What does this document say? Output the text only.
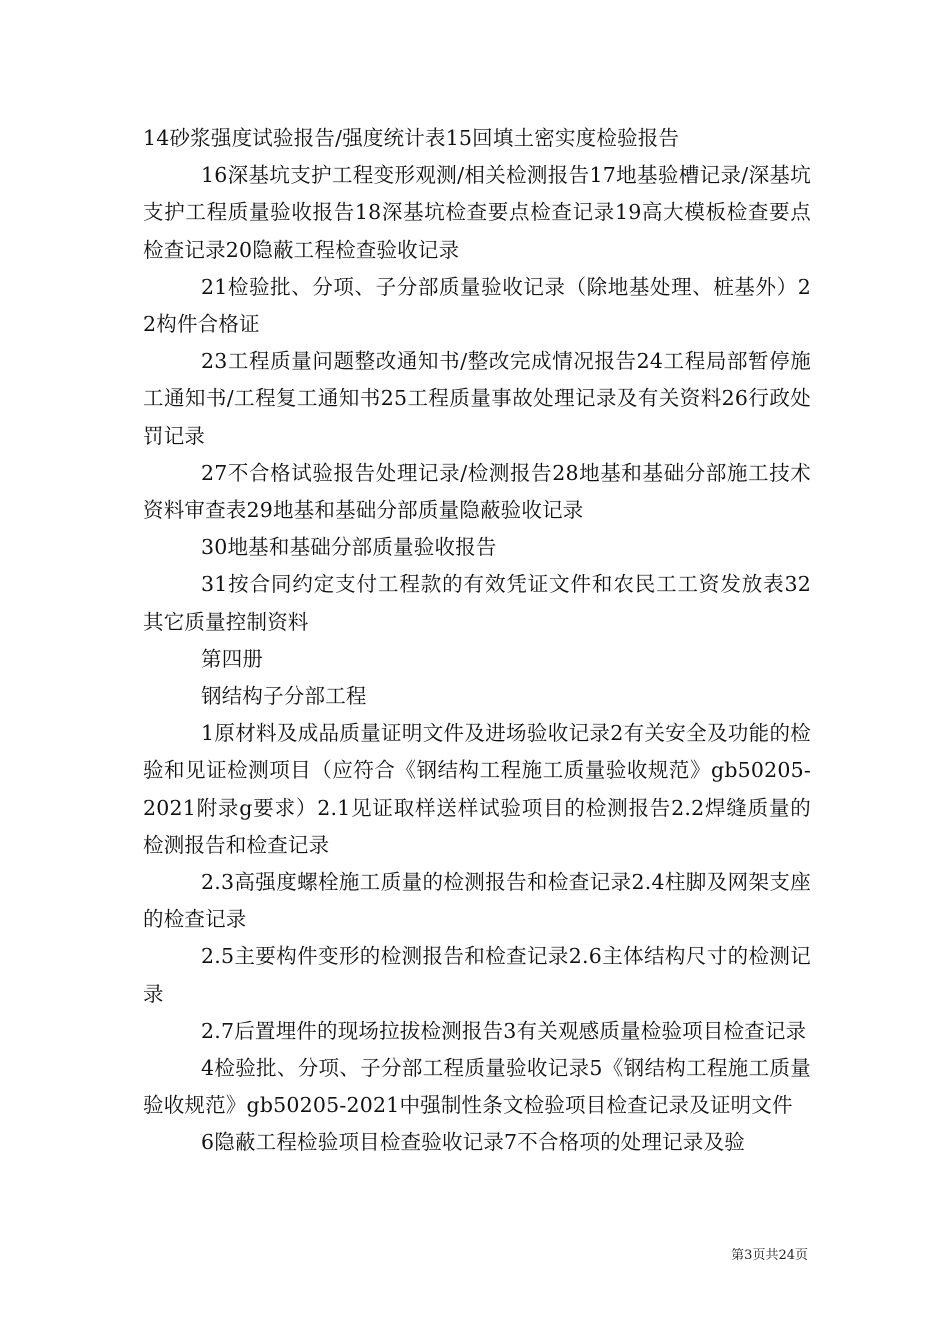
14砂浆强度试验报告/强度统计表15回填土密实度检验报告

16深基坑支护工程变形观测/相关检测报告17地基验槽记录/深基坑支护工程质量验收报告18深基坑检查要点检查记录19高大模板检查要点检查记录20隐蔽工程检查验收记录

21检验批、分项、子分部质量验收记录（除地基处理、桩基外）22构件合格证

23工程质量问题整改通知书/整改完成情况报告24工程局部暂停施工通知书/工程复工通知书25工程质量事故处理记录及有关资料26行政处罚记录

27不合格试验报告处理记录/检测报告28地基和基础分部施工技术资料审查表29地基和基础分部质量隐蔽验收记录

30地基和基础分部质量验收报告

31按合同约定支付工程款的有效凭证文件和农民工工资发放表32其它质量控制资料

第四册

钢结构子分部工程

1原材料及成品质量证明文件及进场验收记录2有关安全及功能的检验和见证检测项目（应符合《钢结构工程施工质量验收规范》gb50205-2021附录g要求）2.1见证取样送样试验项目的检测报告2.2焊缝质量的检测报告和检查记录

2.3高强度螺栓施工质量的检测报告和检查记录2.4柱脚及网架支座的检查记录

2.5主要构件变形的检测报告和检查记录2.6主体结构尺寸的检测记录

2.7后置埋件的现场拉拔检测报告3有关观感质量检验项目检查记录

4检验批、分项、子分部工程质量验收记录5《钢结构工程施工质量验收规范》gb50205-2021中强制性条文检验项目检查记录及证明文件

6隐蔽工程检验项目检查验收记录7不合格项的处理记录及验

第3页共24页
